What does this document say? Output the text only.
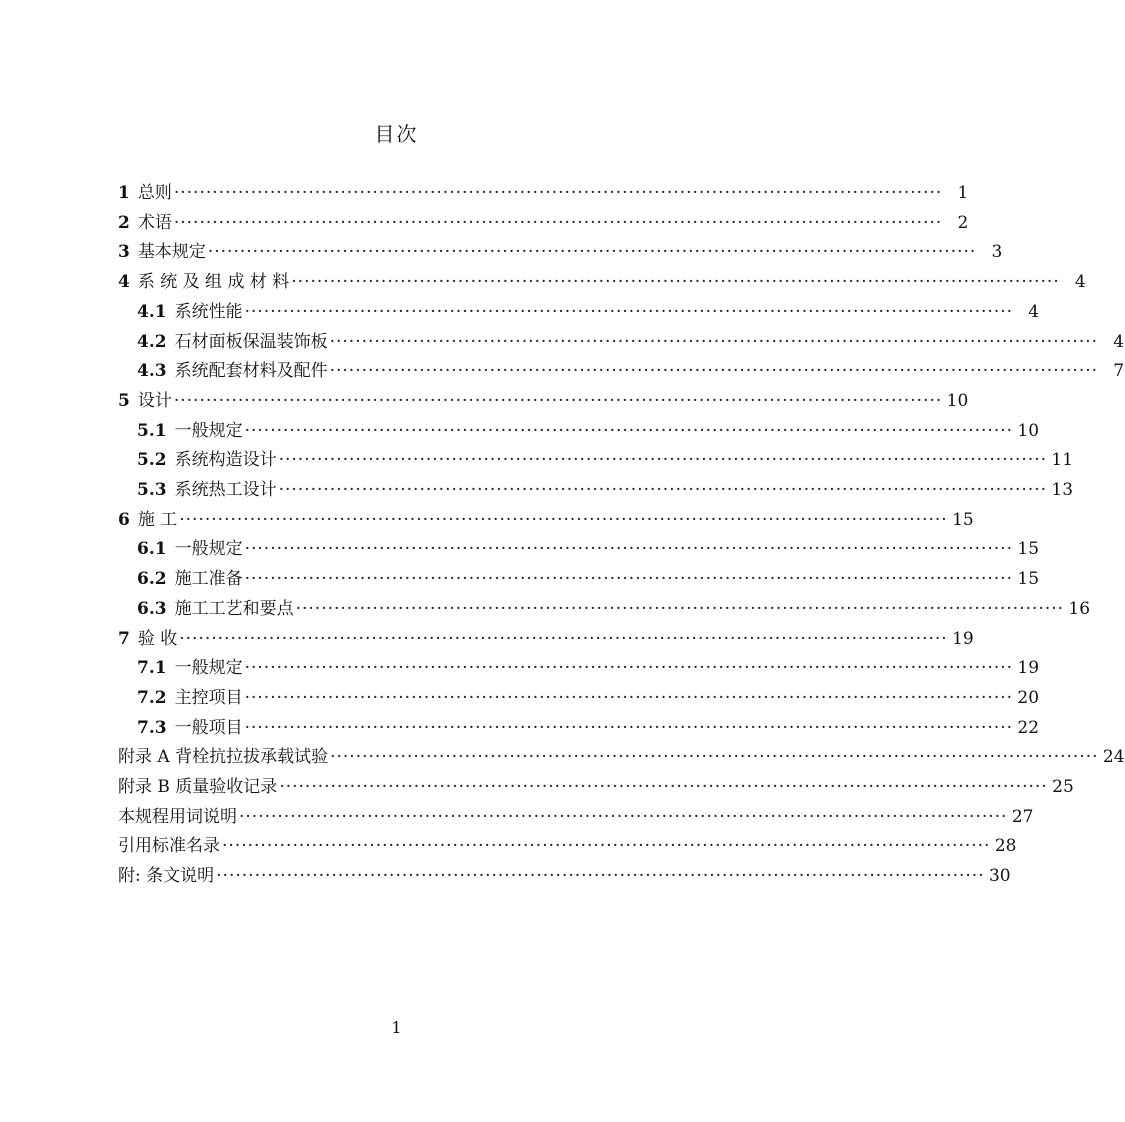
目次
1 总则 ························································································································ 1
2 术语 ························································································································ 2
3 基本规定 ························································································································ 3
4 系 统 及 组 成 材 料 ························································································································ 4
4.1 系统性能 ························································································································ 4
4.2 石材面板保温装饰板 ························································································································ 4
4.3 系统配套材料及配件 ························································································································ 7
5 设计 ························································································································ 10
5.1 一般规定 ························································································································ 10
5.2 系统构造设计 ························································································································ 11
5.3 系统热工设计 ························································································································ 13
6 施 工 ························································································································ 15
6.1 一般规定 ························································································································ 15
6.2 施工准备 ························································································································ 15
6.3 施工工艺和要点 ························································································································ 16
7 验 收 ························································································································ 19
7.1 一般规定 ························································································································ 19
7.2 主控项目 ························································································································ 20
7.3 一般项目 ························································································································ 22
附录 A 背栓抗拉拔承载试验 ························································································································ 24
附录 B 质量验收记录 ························································································································ 25
本规程用词说明 ························································································································ 27
引用标准名录 ························································································································ 28
附: 条文说明 ························································································································ 30
1
